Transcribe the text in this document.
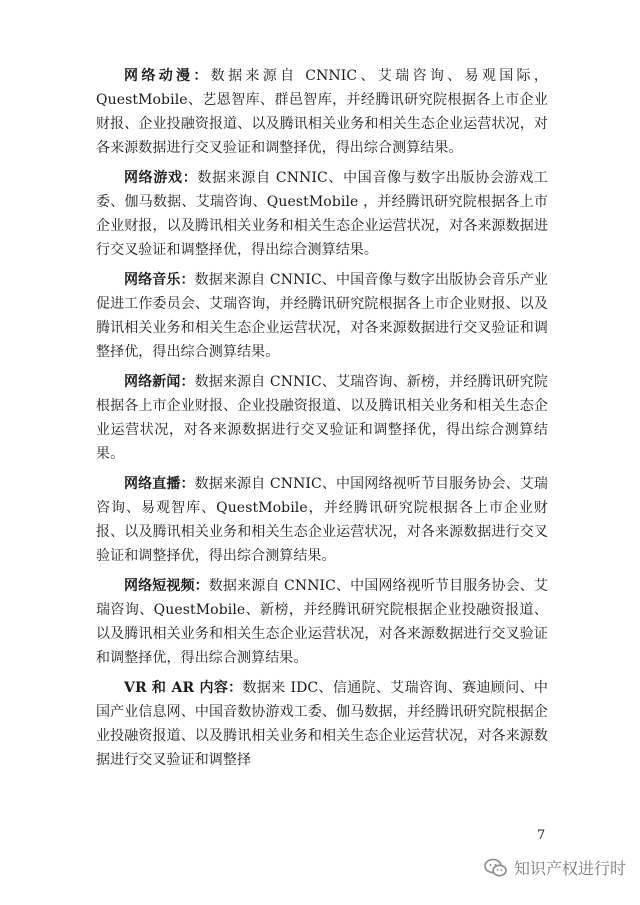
网络动漫：数据来源自 CNNIC、艾瑞咨询、易观国际，QuestMobile、艺恩智库、群邑智库，并经腾讯研究院根据各上市企业财报、企业投融资报道、以及腾讯相关业务和相关生态企业运营状况，对各来源数据进行交叉验证和调整择优，得出综合测算结果。

网络游戏：数据来源自 CNNIC、中国音像与数字出版协会游戏工委、伽马数据、艾瑞咨询、QuestMobile ，并经腾讯研究院根据各上市企业财报，以及腾讯相关业务和相关生态企业运营状况，对各来源数据进行交叉验证和调整择优，得出综合测算结果。

网络音乐：数据来源自 CNNIC、中国音像与数字出版协会音乐产业促进工作委员会、艾瑞咨询，并经腾讯研究院根据各上市企业财报、以及腾讯相关业务和相关生态企业运营状况，对各来源数据进行交叉验证和调整择优，得出综合测算结果。

网络新闻：数据来源自 CNNIC、艾瑞咨询、新榜，并经腾讯研究院根据各上市企业财报、企业投融资报道、以及腾讯相关业务和相关生态企业运营状况，对各来源数据进行交叉验证和调整择优，得出综合测算结果。

网络直播：数据来源自 CNNIC、中国网络视听节目服务协会、艾瑞咨询、易观智库、QuestMobile，并经腾讯研究院根据各上市企业财报、以及腾讯相关业务和相关生态企业运营状况，对各来源数据进行交叉验证和调整择优，得出综合测算结果。

网络短视频：数据来源自 CNNIC、中国网络视听节目服务协会、艾瑞咨询、QuestMobile、新榜，并经腾讯研究院根据企业投融资报道、以及腾讯相关业务和相关生态企业运营状况，对各来源数据进行交叉验证和调整择优，得出综合测算结果。

VR 和 AR 内容：数据来 IDC、信通院、艾瑞咨询、赛迪顾问、中国产业信息网、中国音数协游戏工委、伽马数据，并经腾讯研究院根据企业投融资报道、以及腾讯相关业务和相关生态企业运营状况，对各来源数据进行交叉验证和调整择

7
知识产权进行时
